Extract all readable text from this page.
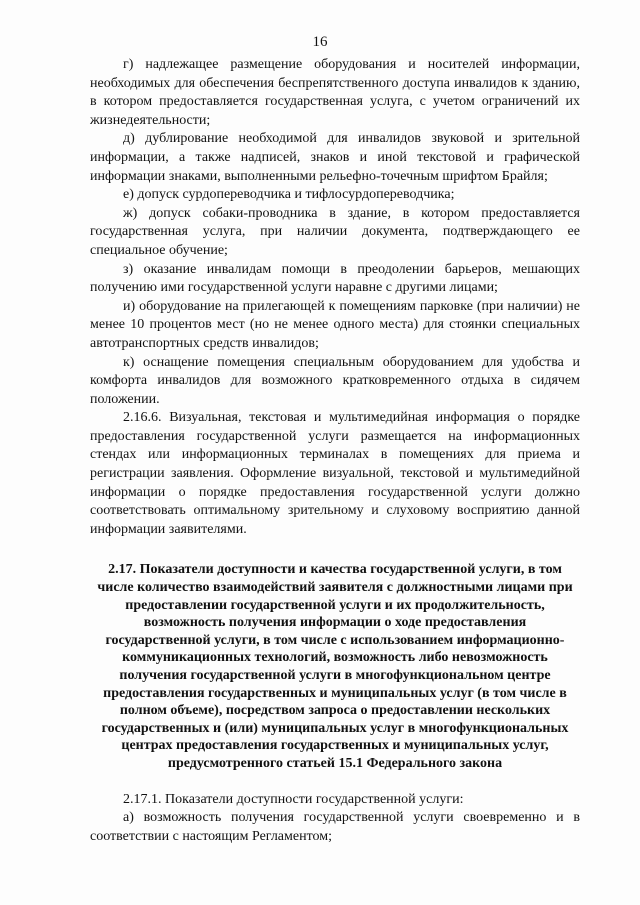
16

г) надлежащее размещение оборудования и носителей информации, необходимых для обеспечения беспрепятственного доступа инвалидов к зданию, в котором предоставляется государственная услуга, с учетом ограничений их жизнедеятельности;

д) дублирование необходимой для инвалидов звуковой и зрительной информации, а также надписей, знаков и иной текстовой и графической информации знаками, выполненными рельефно-точечным шрифтом Брайля;

е) допуск сурдопереводчика и тифлосурдопереводчика;

ж) допуск собаки-проводника в здание, в котором предоставляется государственная услуга, при наличии документа, подтверждающего ее специальное обучение;

з) оказание инвалидам помощи в преодолении барьеров, мешающих получению ими государственной услуги наравне с другими лицами;

и) оборудование на прилегающей к помещениям парковке (при наличии) не менее 10 процентов мест (но не менее одного места) для стоянки специальных автотранспортных средств инвалидов;

к) оснащение помещения специальным оборудованием для удобства и комфорта инвалидов для возможного кратковременного отдыха в сидячем положении.

2.16.6. Визуальная, текстовая и мультимедийная информация о порядке предоставления государственной услуги размещается на информационных стендах или информационных терминалах в помещениях для приема и регистрации заявления. Оформление визуальной, текстовой и мультимедийной информации о порядке предоставления государственной услуги должно соответствовать оптимальному зрительному и слуховому восприятию данной информации заявителями.

2.17. Показатели доступности и качества государственной услуги, в том числе количество взаимодействий заявителя с должностными лицами при предоставлении государственной услуги и их продолжительность, возможность получения информации о ходе предоставления государственной услуги, в том числе с использованием информационно-коммуникационных технологий, возможность либо невозможность получения государственной услуги в многофункциональном центре предоставления государственных и муниципальных услуг (в том числе в полном объеме), посредством запроса о предоставлении нескольких государственных и (или) муниципальных услуг в многофункциональных центрах предоставления государственных и муниципальных услуг, предусмотренного статьей 15.1 Федерального закона

2.17.1. Показатели доступности государственной услуги:

а) возможность получения государственной услуги своевременно и в соответствии с настоящим Регламентом;
